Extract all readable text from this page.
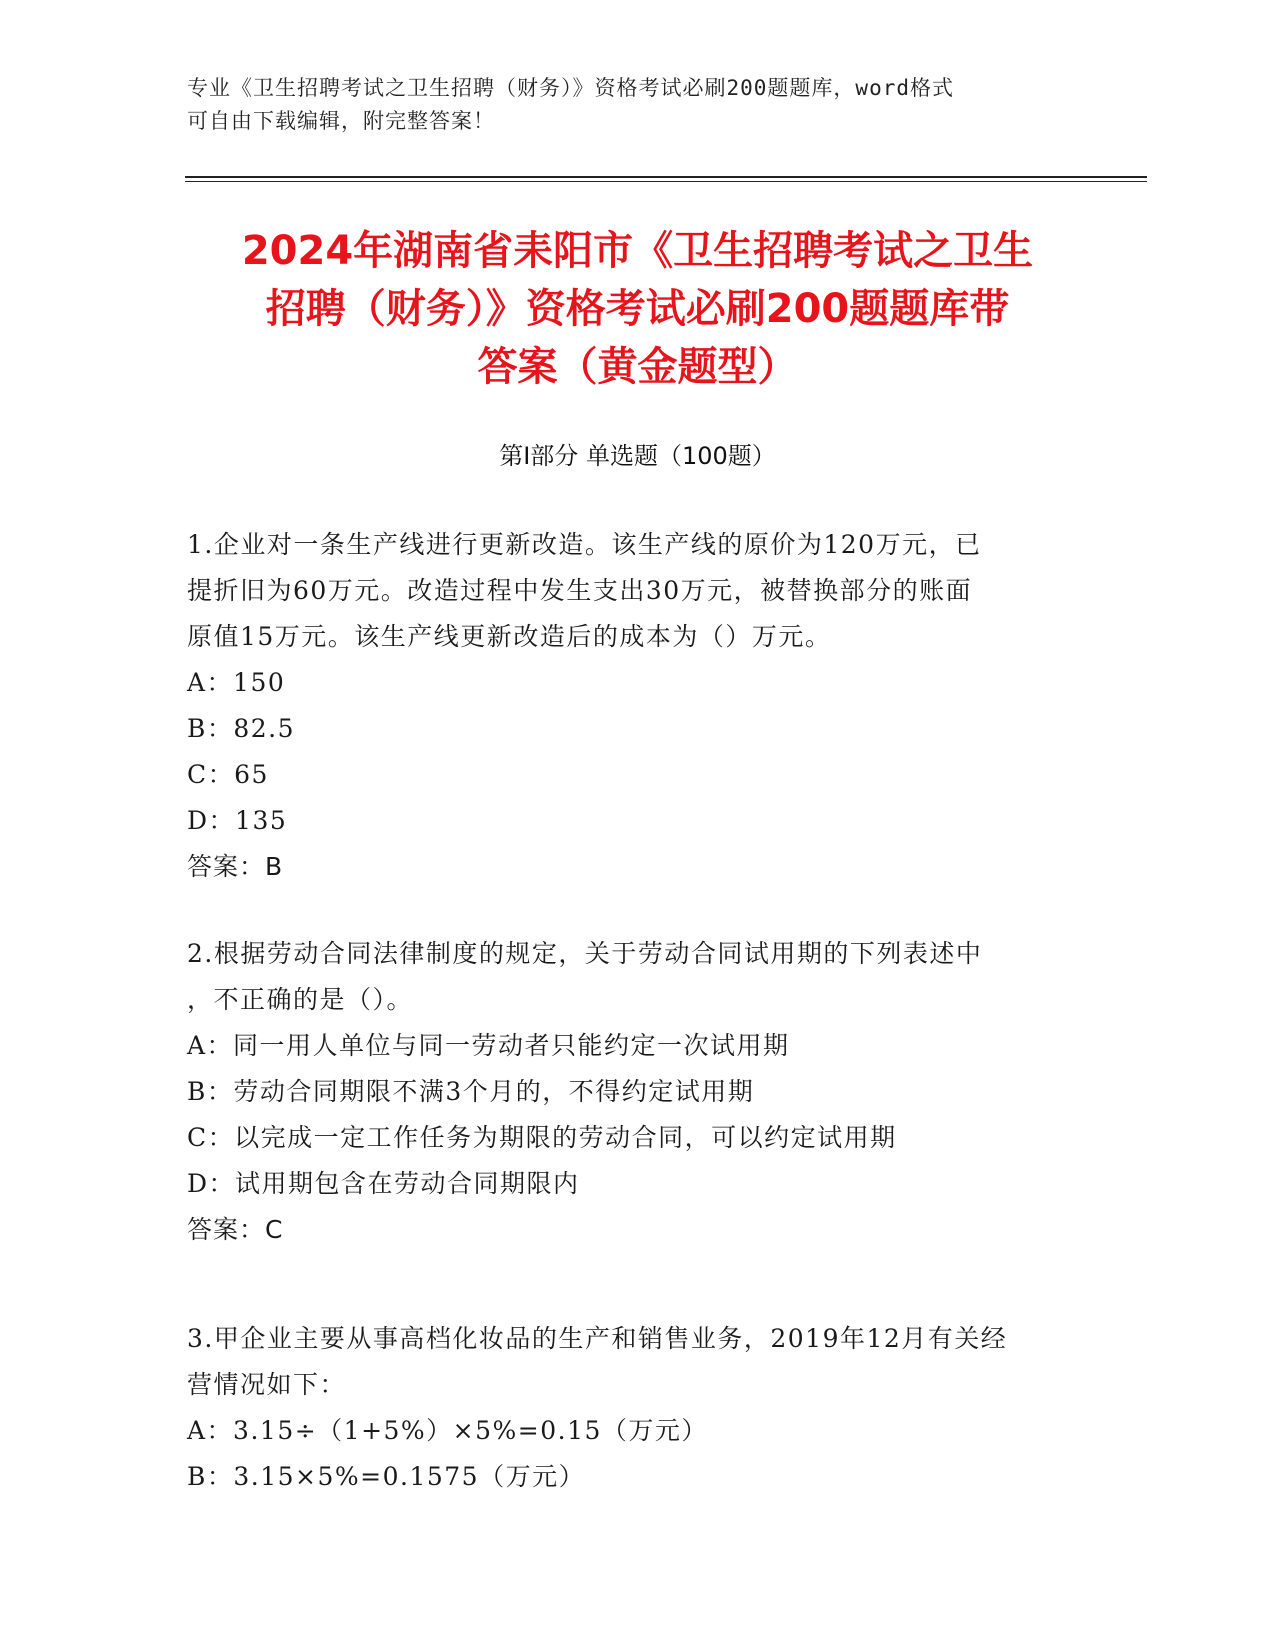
专业《卫生招聘考试之卫生招聘（财务）》资格考试必刷200题题库，word格式
可自由下载编辑，附完整答案！
2024年湖南省耒阳市《卫生招聘考试之卫生
招聘（财务）》资格考试必刷200题题库带
答案（黄金题型）
第Ⅰ部分 单选题（100题）
1.企业对一条生产线进行更新改造。该生产线的原价为120万元，已
提折旧为60万元。改造过程中发生支出30万元，被替换部分的账面
原值15万元。该生产线更新改造后的成本为（）万元。
A：150
B：82.5
C：65
D：135
答案：B
2.根据劳动合同法律制度的规定，关于劳动合同试用期的下列表述中
，不正确的是（）。
A：同一用人单位与同一劳动者只能约定一次试用期
B：劳动合同期限不满3个月的，不得约定试用期
C：以完成一定工作任务为期限的劳动合同，可以约定试用期
D：试用期包含在劳动合同期限内
答案：C
3.甲企业主要从事高档化妆品的生产和销售业务，2019年12月有关经
营情况如下：
A：3.15÷（1+5%）×5%=0.15（万元）
B：3.15×5%=0.1575（万元）
